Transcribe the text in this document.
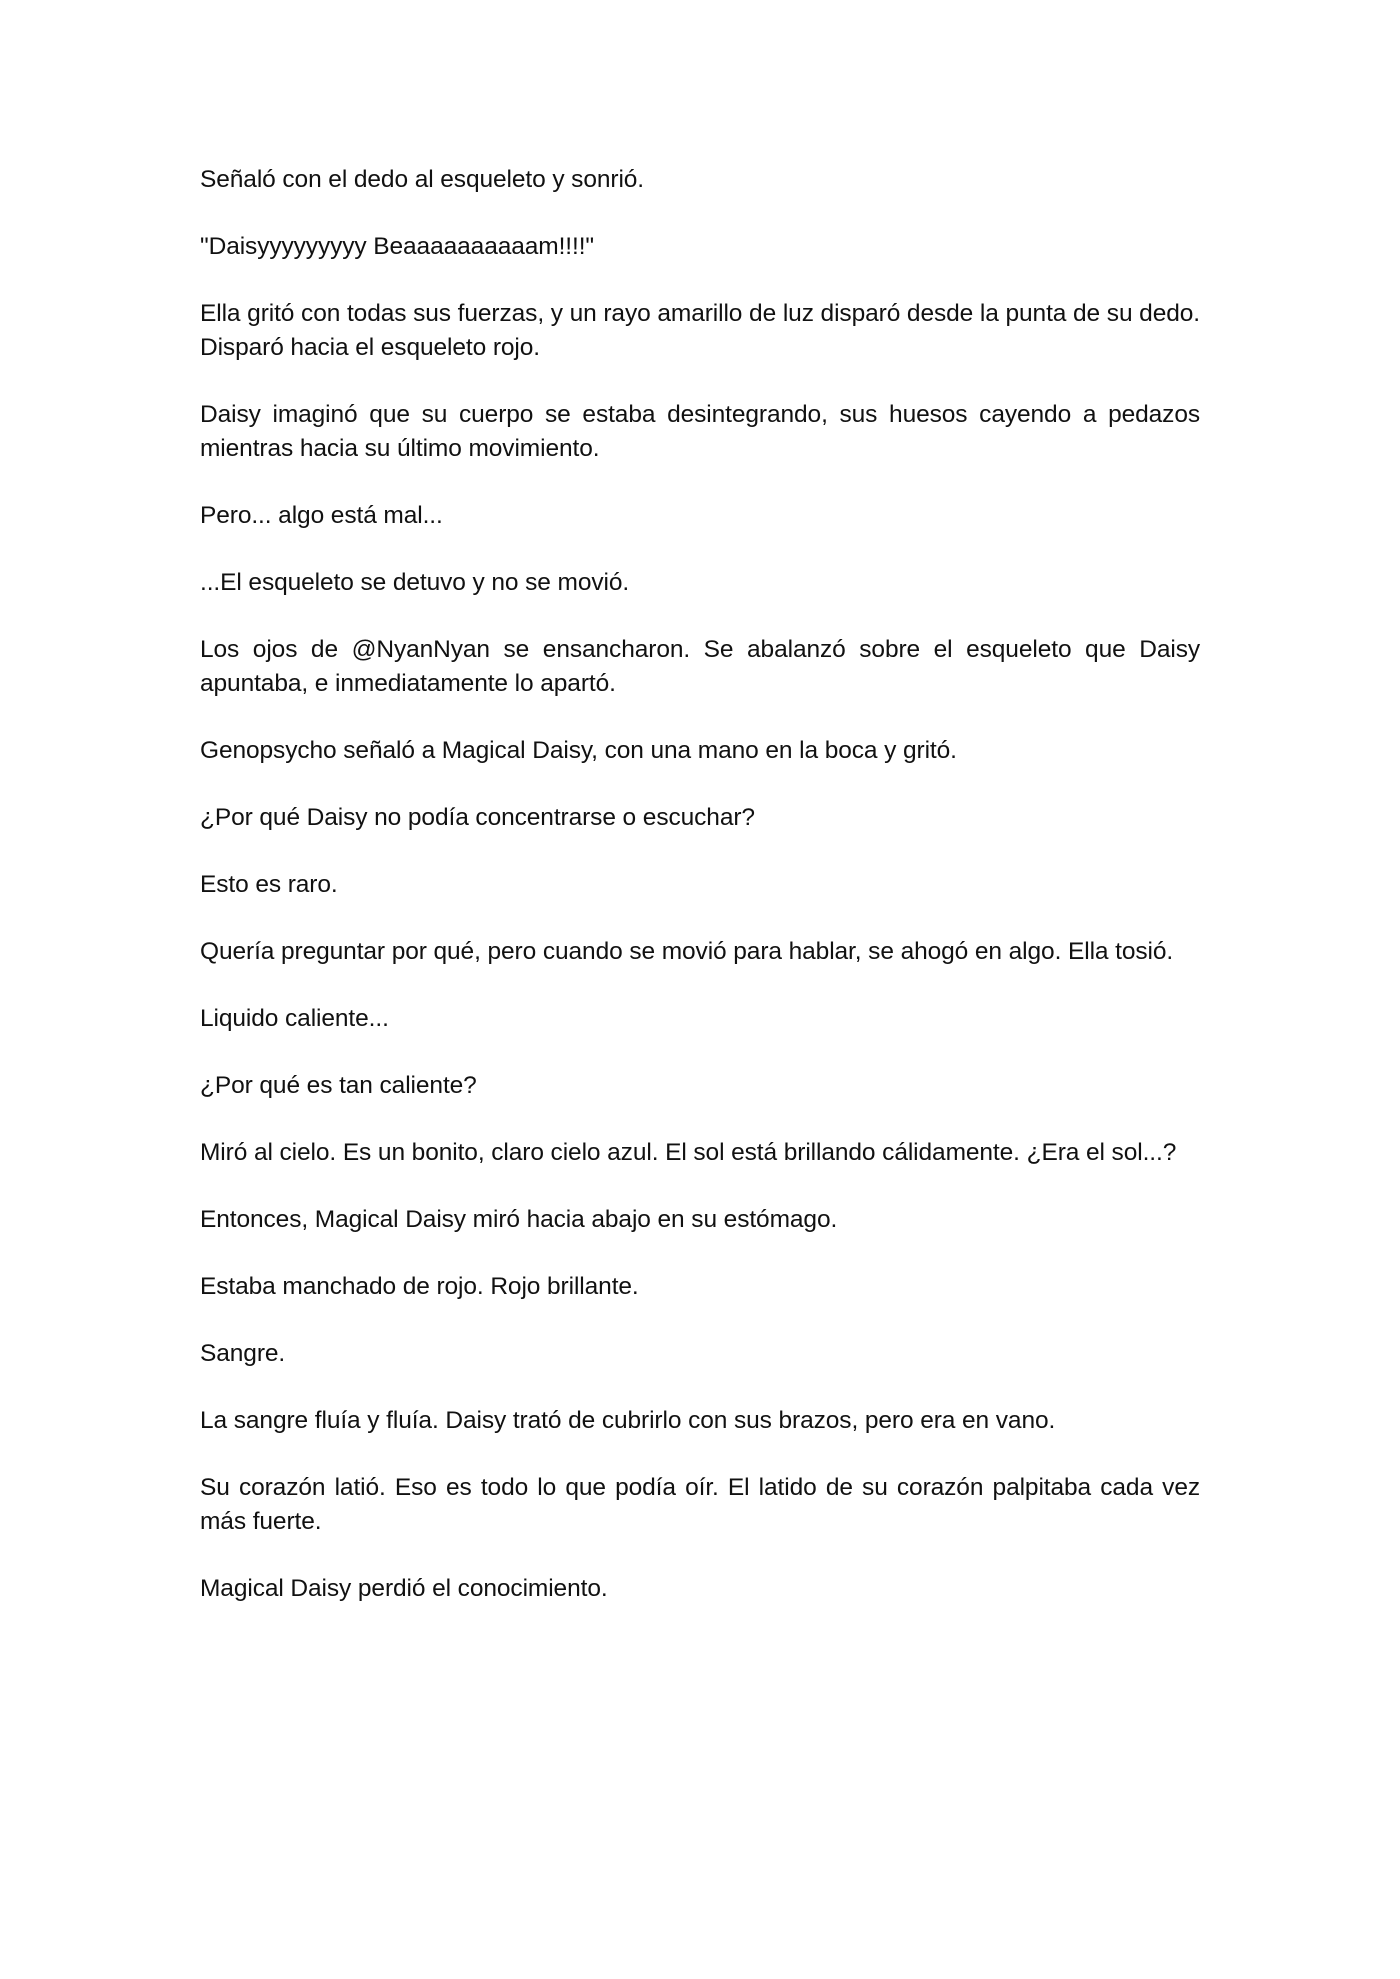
Señaló con el dedo al esqueleto y sonrió.

"Daisyyyyyyyyy Beaaaaaaaaaam!!!!"

Ella gritó con todas sus fuerzas, y un rayo amarillo de luz disparó desde la punta de su dedo. Disparó hacia el esqueleto rojo.

Daisy imaginó que su cuerpo se estaba desintegrando, sus huesos cayendo a pedazos mientras hacia su último movimiento.

Pero... algo está mal...

...El esqueleto se detuvo y no se movió.

Los ojos de @NyanNyan se ensancharon. Se abalanzó sobre el esqueleto que Daisy apuntaba, e inmediatamente lo apartó.

Genopsycho señaló a Magical Daisy, con una mano en la boca y gritó.

¿Por qué Daisy no podía concentrarse o escuchar?

Esto es raro.

Quería preguntar por qué, pero cuando se movió para hablar, se ahogó en algo. Ella tosió.

Liquido caliente...

¿Por qué es tan caliente?

Miró al cielo. Es un bonito, claro cielo azul. El sol está brillando cálidamente. ¿Era el sol...?

Entonces, Magical Daisy miró hacia abajo en su estómago.

Estaba manchado de rojo. Rojo brillante.

Sangre.

La sangre fluía y fluía. Daisy trató de cubrirlo con sus brazos, pero era en vano.

Su corazón latió. Eso es todo lo que podía oír. El latido de su corazón palpitaba cada vez más fuerte.

Magical Daisy perdió el conocimiento.
